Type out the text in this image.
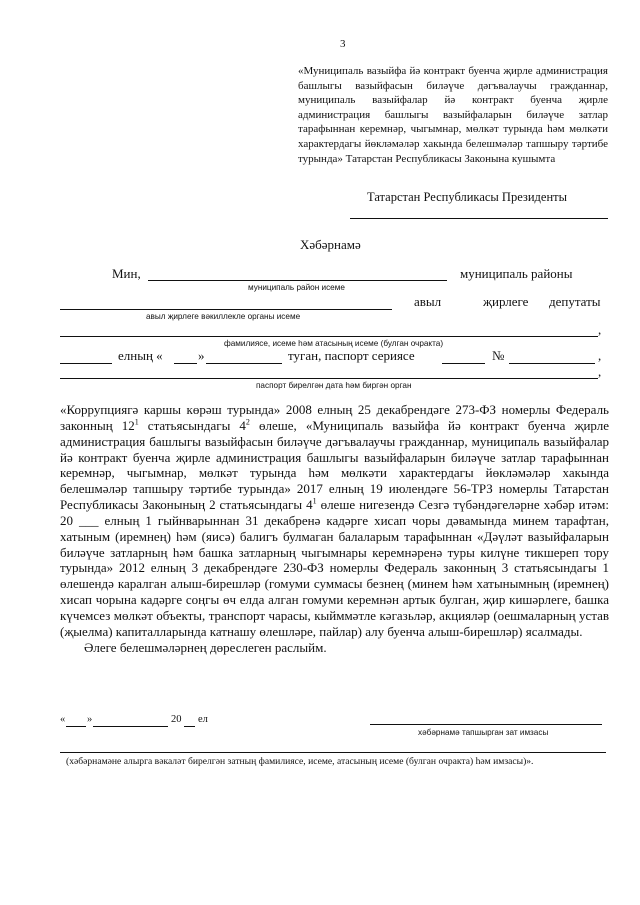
3
«Муниципаль вазыйфа йә контракт буенча җирле администрация башлыгы вазыйфасын биләүче дәгъвалаучы гражданнар, муниципаль вазыйфалар йә контракт буенча җирле администрация башлыгы вазыйфаларын биләүче затлар тарафыннан керемнәр, чыгымнар, мөлкәт турында һәм мөлкәти характердагы йөкләмәләр хакында белешмәләр тапшыру тәртибе турында» Татарстан Республикасы Законына кушымта
Татарстан Республикасы Президенты
Хәбәрнамә
Мин,	муниципаль районы
муниципаль район исеме
авыл	җирлеге депутаты
авыл җирлеге вәкиллекле органы исеме
,
фамилиясе, исеме һәм атасының исеме (булган очракта)
елның «	»	туган, паспорт сериясе	№	,
,
паспорт бирелгән дата һәм биргән орган

«Коррупциягә каршы көрәш турында» 2008 елның 25 декабрендәге 273-ФЗ номерлы Федераль законның $12^1$ статьясындагы $4^2$ өлеше, «Муниципаль вазыйфа йә контракт буенча җирле администрация башлыгы вазыйфасын биләүче дәгъвалаучы гражданнар, муниципаль вазыйфалар йә контракт буенча җирле администрация башлыгы вазыйфаларын биләүче затлар тарафыннан керемнәр, чыгымнар, мөлкәт турында һәм мөлкәти характердагы йөкләмәләр хакында белешмәләр тапшыру тәртибе турында» 2017 елның 19 июлендәге 56-ТРЗ номерлы Татарстан Республикасы Законының 2 статьясындагы $4^1$ өлеше нигезендә Сезгә түбәндәгеләрне хәбәр итәм: 20 ___ елның 1 гыйнварыннан 31 декабренә кадәрге хисап чоры дәвамында минем тарафтан, хатыным (иремнең) һәм (яисә) балигъ булмаган балаларым тарафыннан «Дәүләт вазыйфаларын биләүче затларның һәм башка затларның чыгымнары керемнәренә туры килүне тикшереп тору турында» 2012 елның 3 декабрендәге 230-ФЗ номерлы Федераль законның 3 статьясындагы 1 өлешендә каралган алыш-бирешләр (гомуми суммасы безнең (минем һәм хатынымның (иремнең) хисап чорына кадәрге соңгы өч елда алган гомуми керемнән артык булган, җир кишәрлеге, башка күчемсез мөлкәт объекты, транспорт чарасы, кыйммәтле кәгазьләр, акцияләр (оешмаларның устав (җыелма) капиталларында катнашу өлешләре, пайлар) алу буенча алыш-бирешләр) ясалмады.

Әлеге белешмәләрнең дөреслеген раслыйм.

« »	20 ел
хәбәрнамә тапшырган зат имзасы
(хәбәрнамәне алырга вәкаләт бирелгән затның фамилиясе, исеме, атасының исеме (булган очракта) һәм имзасы)».
